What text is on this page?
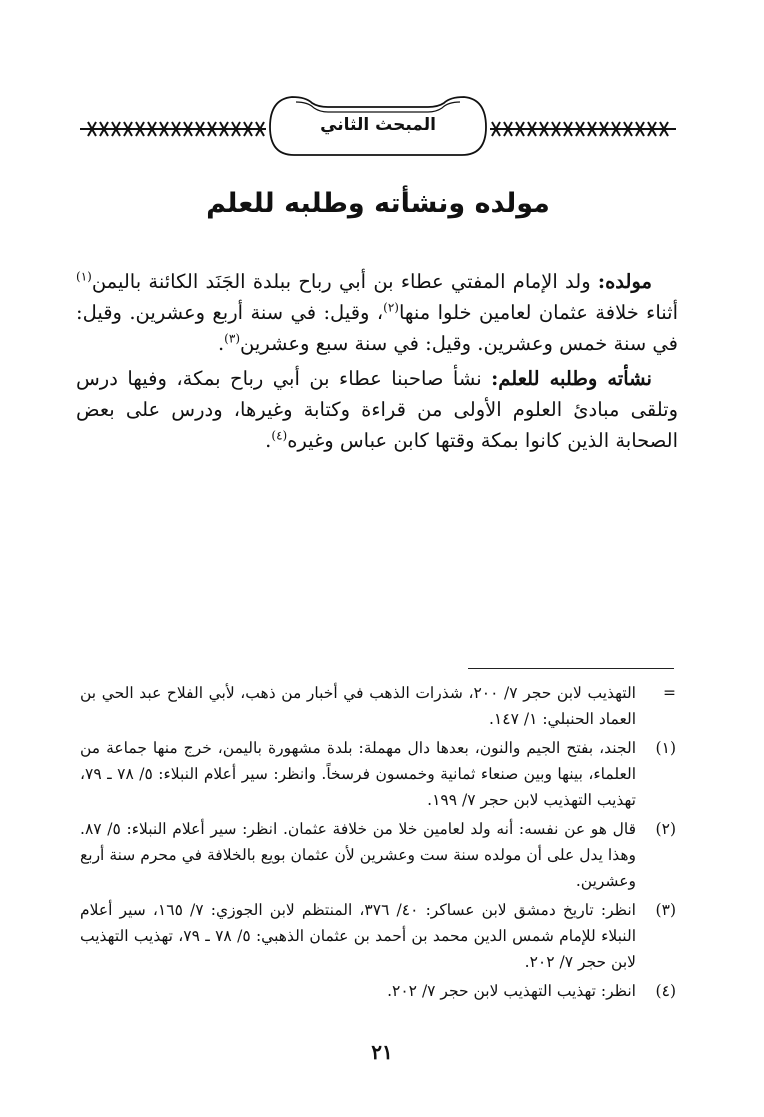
المبحث الثاني
مولده ونشأته وطلبه للعلم

مولده: ولد الإمام المفتي عطاء بن أبي رباح ببلدة الجَنَد الكائنة باليمن$^{(١)}$ أثناء خلافة عثمان لعامين خلوا منها$^{(٢)}$، وقيل: في سنة أربع وعشرين. وقيل: في سنة خمس وعشرين. وقيل: في سنة سبع وعشرين$^{(٣)}$.

نشأته وطلبه للعلم: نشأ صاحبنا عطاء بن أبي رباح بمكة، وفيها درس وتلقى مبادئ العلوم الأولى من قراءة وكتابة وغيرها، ودرس على بعض الصحابة الذين كانوا بمكة وقتها كابن عباس وغيره$^{(٤)}$.

=
التهذيب لابن حجر ٧/ ٢٠٠، شذرات الذهب في أخبار من ذهب، لأبي الفلاح عبد الحي بن العماد الحنبلي: ١/ ١٤٧.
(١)
الجند، بفتح الجيم والنون، بعدها دال مهملة: بلدة مشهورة باليمن، خرج منها جماعة من العلماء، بينها وبين صنعاء ثمانية وخمسون فرسخاً. وانظر: سير أعلام النبلاء: ٥/ ٧٨ ـ ٧٩، تهذيب التهذيب لابن حجر ٧/ ١٩٩.
(٢)
قال هو عن نفسه: أنه ولد لعامين خلا من خلافة عثمان. انظر: سير أعلام النبلاء: ٥/ ٨٧. وهذا يدل على أن مولده سنة ست وعشرين لأن عثمان بويع بالخلافة في محرم سنة أربع وعشرين.
(٣)
انظر: تاريخ دمشق لابن عساكر: ٤٠/ ٣٧٦، المنتظم لابن الجوزي: ٧/ ١٦٥، سير أعلام النبلاء للإمام شمس الدين محمد بن أحمد بن عثمان الذهبي: ٥/ ٧٨ ـ ٧٩، تهذيب التهذيب لابن حجر ٧/ ٢٠٢.
(٤)
انظر: تهذيب التهذيب لابن حجر ٧/ ٢٠٢.
٢١
